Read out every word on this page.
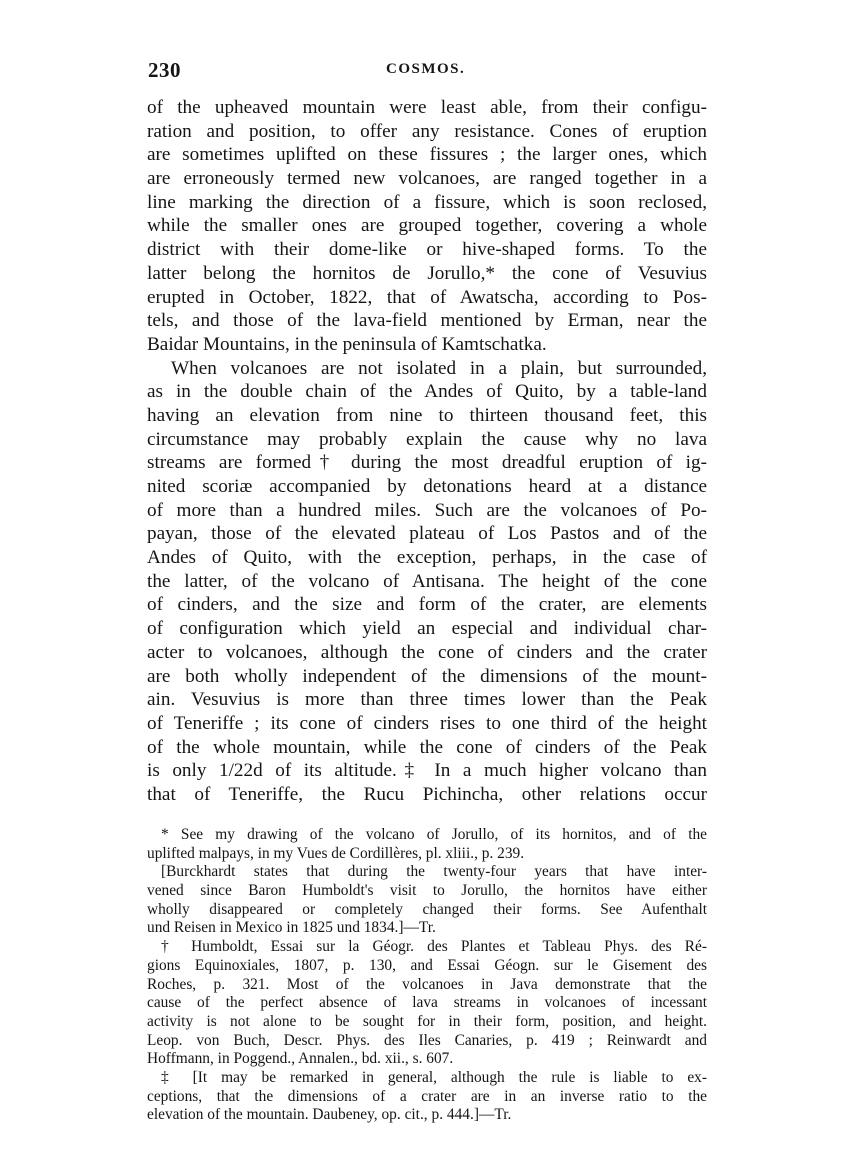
230	COSMOS.
of the upheaved mountain were least able, from their configu-
ration and position, to offer any resistance. Cones of eruption
are sometimes uplifted on these fissures ; the larger ones, which
are erroneously termed new volcanoes, are ranged together in a
line marking the direction of a fissure, which is soon reclosed,
while the smaller ones are grouped together, covering a whole
district with their dome-like or hive-shaped forms. To the
latter belong the hornitos de Jorullo,* the cone of Vesuvius
erupted in October, 1822, that of Awatscha, according to Pos-
tels, and those of the lava-field mentioned by Erman, near the
Baidar Mountains, in the peninsula of Kamtschatka.
When volcanoes are not isolated in a plain, but surrounded,
as in the double chain of the Andes of Quito, by a table-land
having an elevation from nine to thirteen thousand feet, this
circumstance may probably explain the cause why no lava
streams are formed† during the most dreadful eruption of ig-
nited scoriæ accompanied by detonations heard at a distance
of more than a hundred miles. Such are the volcanoes of Po-
payan, those of the elevated plateau of Los Pastos and of the
Andes of Quito, with the exception, perhaps, in the case of
the latter, of the volcano of Antisana. The height of the cone
of cinders, and the size and form of the crater, are elements
of configuration which yield an especial and individual char-
acter to volcanoes, although the cone of cinders and the crater
are both wholly independent of the dimensions of the mount-
ain. Vesuvius is more than three times lower than the Peak
of Teneriffe ; its cone of cinders rises to one third of the height
of the whole mountain, while the cone of cinders of the Peak
is only 1/22d of its altitude.‡ In a much higher volcano than
that of Teneriffe, the Rucu Pichincha, other relations occur
* See my drawing of the volcano of Jorullo, of its hornitos, and of the
uplifted malpays, in my Vues de Cordillères, pl. xliii., p. 239.
[Burckhardt states that during the twenty-four years that have inter-
vened since Baron Humboldt's visit to Jorullo, the hornitos have either
wholly disappeared or completely changed their forms. See Aufenthalt
und Reisen in Mexico in 1825 und 1834.]—Tr.
† Humboldt, Essai sur la Géogr. des Plantes et Tableau Phys. des Ré-
gions Equinoxiales, 1807, p. 130, and Essai Géogn. sur le Gisement des
Roches, p. 321. Most of the volcanoes in Java demonstrate that the
cause of the perfect absence of lava streams in volcanoes of incessant
activity is not alone to be sought for in their form, position, and height.
Leop. von Buch, Descr. Phys. des Iles Canaries, p. 419 ; Reinwardt and
Hoffmann, in Poggend., Annalen., bd. xii., s. 607.
‡ [It may be remarked in general, although the rule is liable to ex-
ceptions, that the dimensions of a crater are in an inverse ratio to the
elevation of the mountain. Daubeney, op. cit., p. 444.]—Tr.
